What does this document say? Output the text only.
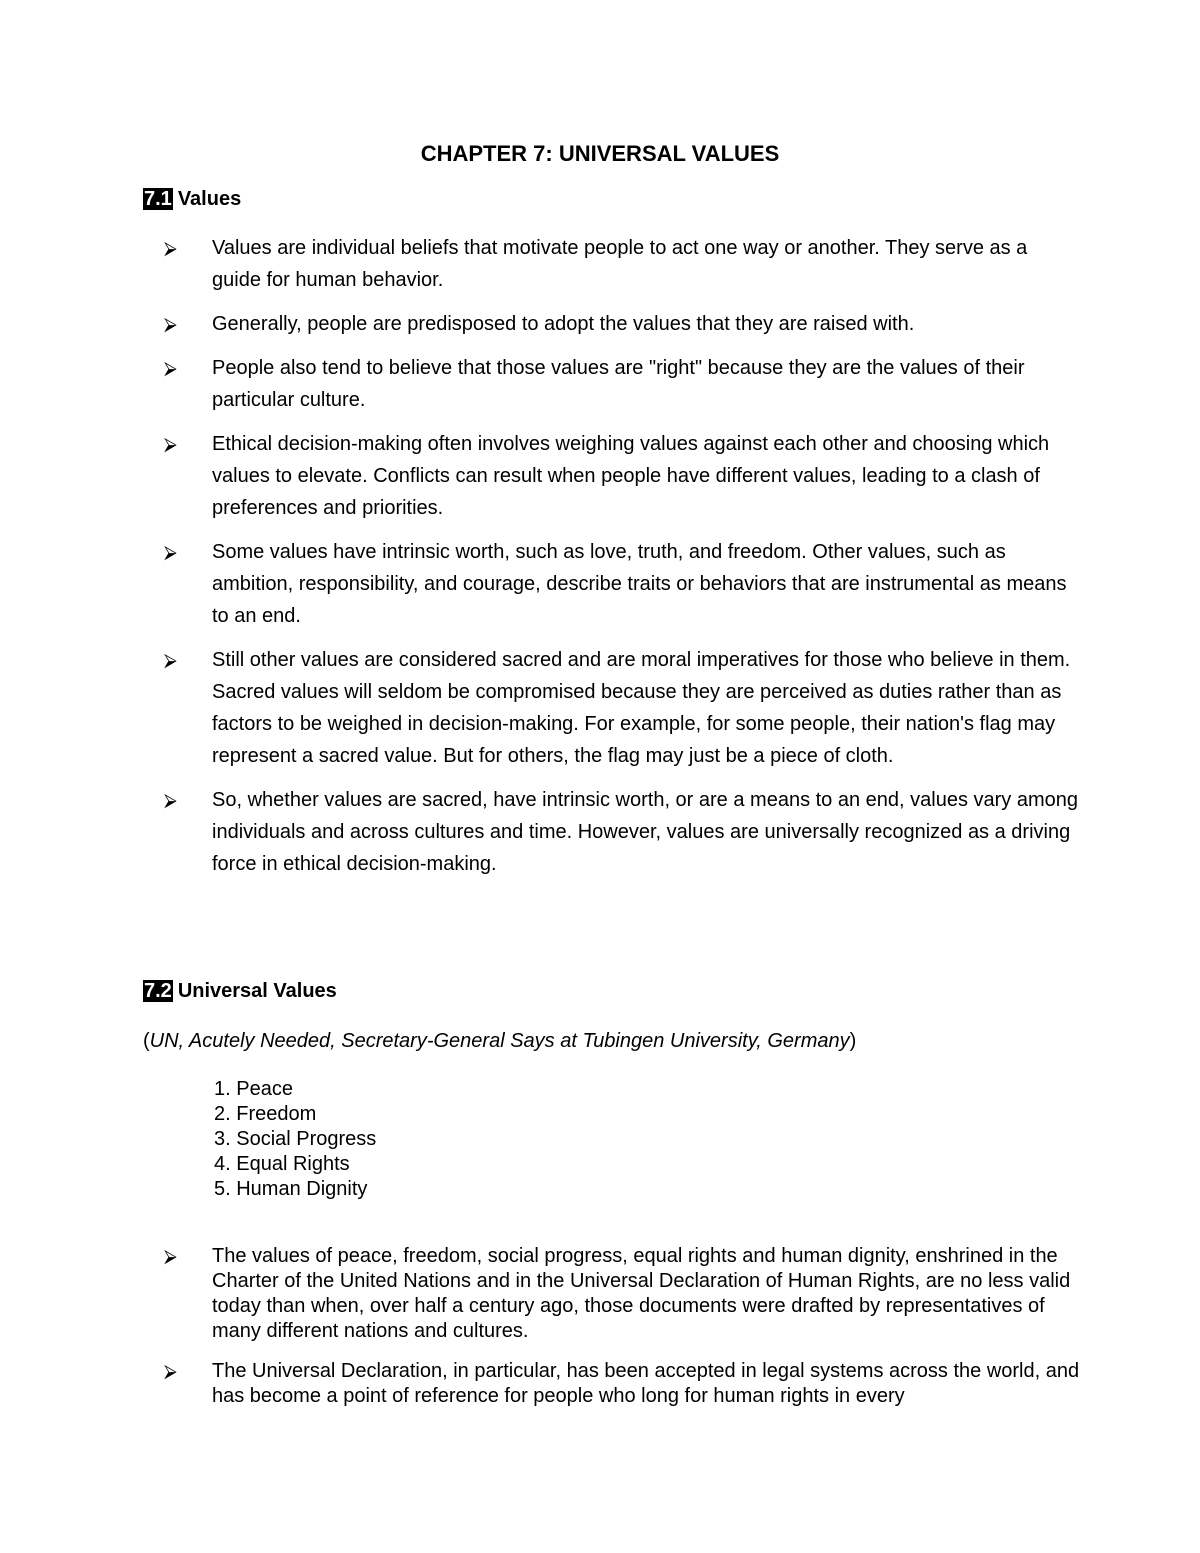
CHAPTER 7: UNIVERSAL VALUES
7.1 Values
⮚ Values are individual beliefs that motivate people to act one way or another. They serve as a guide for human behavior.
⮚ Generally, people are predisposed to adopt the values that they are raised with.
⮚ People also tend to believe that those values are "right" because they are the values of their particular culture.
⮚ Ethical decision-making often involves weighing values against each other and choosing which values to elevate. Conflicts can result when people have different values, leading to a clash of preferences and priorities.
⮚ Some values have intrinsic worth, such as love, truth, and freedom. Other values, such as ambition, responsibility, and courage, describe traits or behaviors that are instrumental as means to an end.
⮚ Still other values are considered sacred and are moral imperatives for those who believe in them. Sacred values will seldom be compromised because they are perceived as duties rather than as factors to be weighed in decision-making. For example, for some people, their nation's flag may represent a sacred value. But for others, the flag may just be a piece of cloth.
⮚ So, whether values are sacred, have intrinsic worth, or are a means to an end, values vary among individuals and across cultures and time. However, values are universally recognized as a driving force in ethical decision-making.
7.2 Universal Values
(UN, Acutely Needed, Secretary-General Says at Tubingen University, Germany)
1. Peace
2. Freedom
3. Social Progress
4. Equal Rights
5. Human Dignity
⮚ The values of peace, freedom, social progress, equal rights and human dignity, enshrined in the Charter of the United Nations and in the Universal Declaration of Human Rights, are no less valid today than when, over half a century ago, those documents were drafted by representatives of many different nations and cultures.
⮚ The Universal Declaration, in particular, has been accepted in legal systems across the world, and has become a point of reference for people who long for human rights in every
